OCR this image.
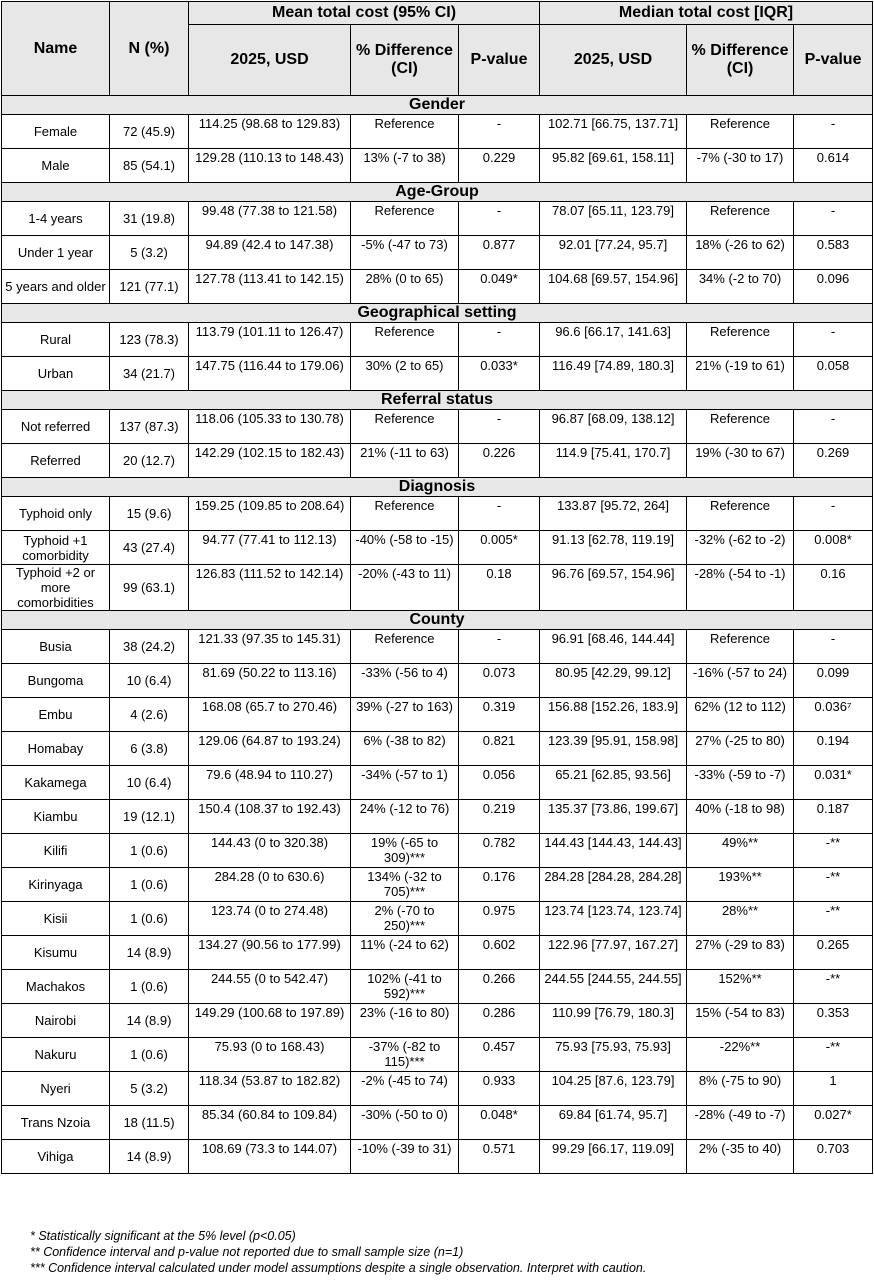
Name	N (%)	Mean total cost (95% CI)			Median total cost [IQR]		
		2025, USD	% Difference (CI)	P-value	2025, USD	% Difference (CI)	P-value
Gender							
Female	72 (45.9)	114.25 (98.68 to 129.83)	Reference	-	102.71 [66.75, 137.71]	Reference	-
Male	85 (54.1)	129.28 (110.13 to 148.43)	13% (-7 to 38)	0.229	95.82 [69.61, 158.11]	-7% (-30 to 17)	0.614
Age-Group							
1-4 years	31 (19.8)	99.48 (77.38 to 121.58)	Reference	-	78.07 [65.11, 123.79]	Reference	-
Under 1 year	5 (3.2)	94.89 (42.4 to 147.38)	-5% (-47 to 73)	0.877	92.01 [77.24, 95.7]	18% (-26 to 62)	0.583
5 years and older	121 (77.1)	127.78 (113.41 to 142.15)	28% (0 to 65)	0.049*	104.68 [69.57, 154.96]	34% (-2 to 70)	0.096
Geographical setting							
Rural	123 (78.3)	113.79 (101.11 to 126.47)	Reference	-	96.6 [66.17, 141.63]	Reference	-
Urban	34 (21.7)	147.75 (116.44 to 179.06)	30% (2 to 65)	0.033*	116.49 [74.89, 180.3]	21% (-19 to 61)	0.058
Referral status							
Not referred	137 (87.3)	118.06 (105.33 to 130.78)	Reference	-	96.87 [68.09, 138.12]	Reference	-
Referred	20 (12.7)	142.29 (102.15 to 182.43)	21% (-11 to 63)	0.226	114.9 [75.41, 170.7]	19% (-30 to 67)	0.269
Diagnosis							
Typhoid only	15 (9.6)	159.25 (109.85 to 208.64)	Reference	-	133.87 [95.72, 264]	Reference	-
Typhoid +1 comorbidity	43 (27.4)	94.77 (77.41 to 112.13)	-40% (-58 to -15)	0.005*	91.13 [62.78, 119.19]	-32% (-62 to -2)	0.008*
Typhoid +2 or more comorbidities	99 (63.1)	126.83 (111.52 to 142.14)	-20% (-43 to 11)	0.18	96.76 [69.57, 154.96]	-28% (-54 to -1)	0.16
County							
Busia	38 (24.2)	121.33 (97.35 to 145.31)	Reference	-	96.91 [68.46, 144.44]	Reference	-
Bungoma	10 (6.4)	81.69 (50.22 to 113.16)	-33% (-56 to 4)	0.073	80.95 [42.29, 99.12]	-16% (-57 to 24)	0.099
Embu	4 (2.6)	168.08 (65.7 to 270.46)	39% (-27 to 163)	0.319	156.88 [152.26, 183.9]	62% (12 to 112)	0.036⁷
Homabay	6 (3.8)	129.06 (64.87 to 193.24)	6% (-38 to 82)	0.821	123.39 [95.91, 158.98]	27% (-25 to 80)	0.194
Kakamega	10 (6.4)	79.6 (48.94 to 110.27)	-34% (-57 to 1)	0.056	65.21 [62.85, 93.56]	-33% (-59 to -7)	0.031*
Kiambu	19 (12.1)	150.4 (108.37 to 192.43)	24% (-12 to 76)	0.219	135.37 [73.86, 199.67]	40% (-18 to 98)	0.187
Kilifi	1 (0.6)	144.43 (0 to 320.38)	19% (-65 to 309)***	0.782	144.43 [144.43, 144.43]	49%**	-**
Kirinyaga	1 (0.6)	284.28 (0 to 630.6)	134% (-32 to 705)***	0.176	284.28 [284.28, 284.28]	193%**	-**
Kisii	1 (0.6)	123.74 (0 to 274.48)	2% (-70 to 250)***	0.975	123.74 [123.74, 123.74]	28%**	-**
Kisumu	14 (8.9)	134.27 (90.56 to 177.99)	11% (-24 to 62)	0.602	122.96 [77.97, 167.27]	27% (-29 to 83)	0.265
Machakos	1 (0.6)	244.55 (0 to 542.47)	102% (-41 to 592)***	0.266	244.55 [244.55, 244.55]	152%**	-**
Nairobi	14 (8.9)	149.29 (100.68 to 197.89)	23% (-16 to 80)	0.286	110.99 [76.79, 180.3]	15% (-54 to 83)	0.353
Nakuru	1 (0.6)	75.93 (0 to 168.43)	-37% (-82 to 115)***	0.457	75.93 [75.93, 75.93]	-22%**	-**
Nyeri	5 (3.2)	118.34 (53.87 to 182.82)	-2% (-45 to 74)	0.933	104.25 [87.6, 123.79]	8% (-75 to 90)	1
Trans Nzoia	18 (11.5)	85.34 (60.84 to 109.84)	-30% (-50 to 0)	0.048*	69.84 [61.74, 95.7]	-28% (-49 to -7)	0.027*
Vihiga	14 (8.9)	108.69 (73.3 to 144.07)	-10% (-39 to 31)	0.571	99.29 [66.17, 119.09]	2% (-35 to 40)	0.703
* Statistically significant at the 5% level (p<0.05)
** Confidence interval and p-value not reported due to small sample size (n=1)
*** Confidence interval calculated under model assumptions despite a single observation. Interpret with caution.
